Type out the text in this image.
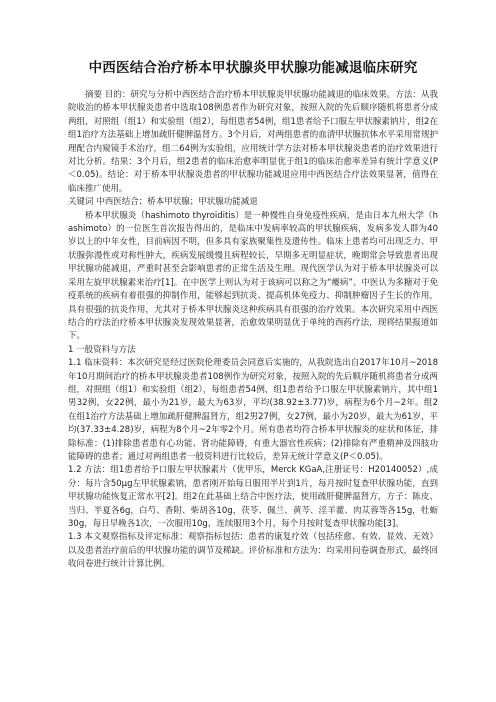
中西医结合治疗桥本甲状腺炎甲状腺功能减退临床研究

摘要 目的：研究与分析中西医结合治疗桥本甲状腺炎甲状腺功能减退的临床效果。方法：从我院收治的桥本甲状腺炎患者中选取108例患者作为研究对象，按照入院的先后顺序随机将患者分成两组，对照组（组1）和实验组（组2），每组患者54例，组1患者给予口服左甲状腺素钠片，组2在组1治疗方法基础上增加疏肝健脾温肾方。3个月后，对两组患者的血清甲状腺抗体水平采用常规护理配合内窥镜手术治疗，组二64例为实验组，应用统计学方法对桥本甲状腺炎患者的治疗效果进行对比分析。结果：3个月后，组2患者的临床治愈率明显优于组1的临床治愈率差异有统计学意义(P＜0.05)。结论：对于桥本甲状腺炎患者的甲状腺功能减退应用中西医结合疗法效果显著，值得在临床推广使用。

关键词 中西医结合；桥本甲状腺；甲状腺功能减退

桥本甲状腺炎（hashimoto thyroiditis）是一种慢性自身免疫性疾病，是由日本九州大学（hashimoto）的一位医生首次报告得出的，是临床中发病率较高的甲状腺疾病，发病多发人群为40岁以上的中年女性，目前病因不明，但多具有家族聚集性及遗传性。临床上患者均可出现乏力、甲状腺弥漫性或对称性肿大，疾病发展缓慢且病程较长，早期多无明显症状，晚期常会导致患者出现甲状腺功能减退，严重时甚至会影响患者的正常生活及生理。现代医学认为对于桥本甲状腺炎可以采用左旋甲状腺素来治疗[1]。在中医学上则认为对于该病可以称之为“瘿病”。中医认为多糖对于免疫系统的疾病有着很强的抑制作用，能够起到抗炎、提高机体免疫力、抑制肿瘤因子生长的作用，具有很强的抗炎作用，尤其对于桥本甲状腺炎这种疾病具有很强的治疗效果。本次研究采用中西医结合的疗法治疗桥本甲状腺炎发现效果显著，治愈效果明显优于单纯的西药疗法，现将结果报道如下。

1 一般资料与方法

1.1 临床资料：本次研究是经过医院伦理委员会同意后实施的，从我院选出自2017年10月~2018年10月期间治疗的桥本甲状腺炎患者108例作为研究对象，按照入院的先后顺序随机将患者分成两组，对照组（组1）和实验组（组2），每组患者54例，组1患者给予口服左甲状腺素钠片，其中组1男32例，女22例，最小为21岁，最大为63岁，平均(38.92±3.77)岁，病程为6个月~2年。组2在组1治疗方法基础上增加疏肝健脾温肾方，组2男27例，女27例，最小为20岁，最大为61岁，平均(37.33±4.28)岁，病程为8个月~2年零2个月。所有患者均符合桥本甲状腺炎的症状和体征，排除标准：(1)排除患者患有心功能、肾功能障碍，有重大器官性疾病；(2)排除有严重精神及四肢功能障碍的患者；通过对两组患者一般资料进行比较后，差异无统计学意义(P＜0.05)。

1.2 方法：组1患者给予口服左甲状腺素片（优甲乐，Merck KGaA,注册证号：H20140052）,成分：每片含50μg左甲状腺素钠，患者刚开始每日服用半片到1片，每月按时复查甲状腺功能，直到甲状腺功能恢复正常水平[2]。组2在此基础上结合中医疗法，使用疏肝健脾温肾方，方子：陈皮、当归、半夏各6g，白芍、香附、柴胡各10g，茯苓、佩兰、黄芩、淫羊藿、肉苁蓉等各15g，牡蛎30g，每日早晚各1次，一次服用10g，连续服用3个月，每个月按时复查甲状腺功能[3]。

1.3 本文观察指标及评定标准：观察指标包括：患者的康复疗效（包括痊愈、有效、显效、无效）以及患者治疗前后的甲状腺功能的调节及稀缺。评价标准和方法为：均采用问卷调查形式，最终回收问卷进行统计计算比例。
